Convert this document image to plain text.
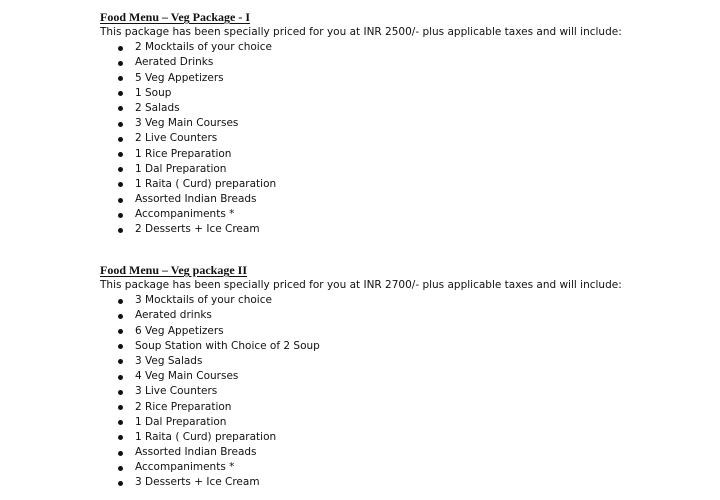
Food Menu – Veg Package - I

This package has been specially priced for you at INR 2500/- plus applicable taxes and will include:

2 Mocktails of your choice
Aerated Drinks
5 Veg Appetizers
1 Soup
2 Salads
3 Veg Main Courses
2 Live Counters
1 Rice Preparation
1 Dal Preparation
1 Raita ( Curd) preparation
Assorted Indian Breads
Accompaniments *
2 Desserts + Ice Cream
Food Menu – Veg package II

This package has been specially priced for you at INR 2700/- plus applicable taxes and will include:

3 Mocktails of your choice
Aerated drinks
6 Veg Appetizers
Soup Station with Choice of 2 Soup
3 Veg Salads
4 Veg Main Courses
3 Live Counters
2 Rice Preparation
1 Dal Preparation
1 Raita ( Curd) preparation
Assorted Indian Breads
Accompaniments *
3 Desserts + Ice Cream
